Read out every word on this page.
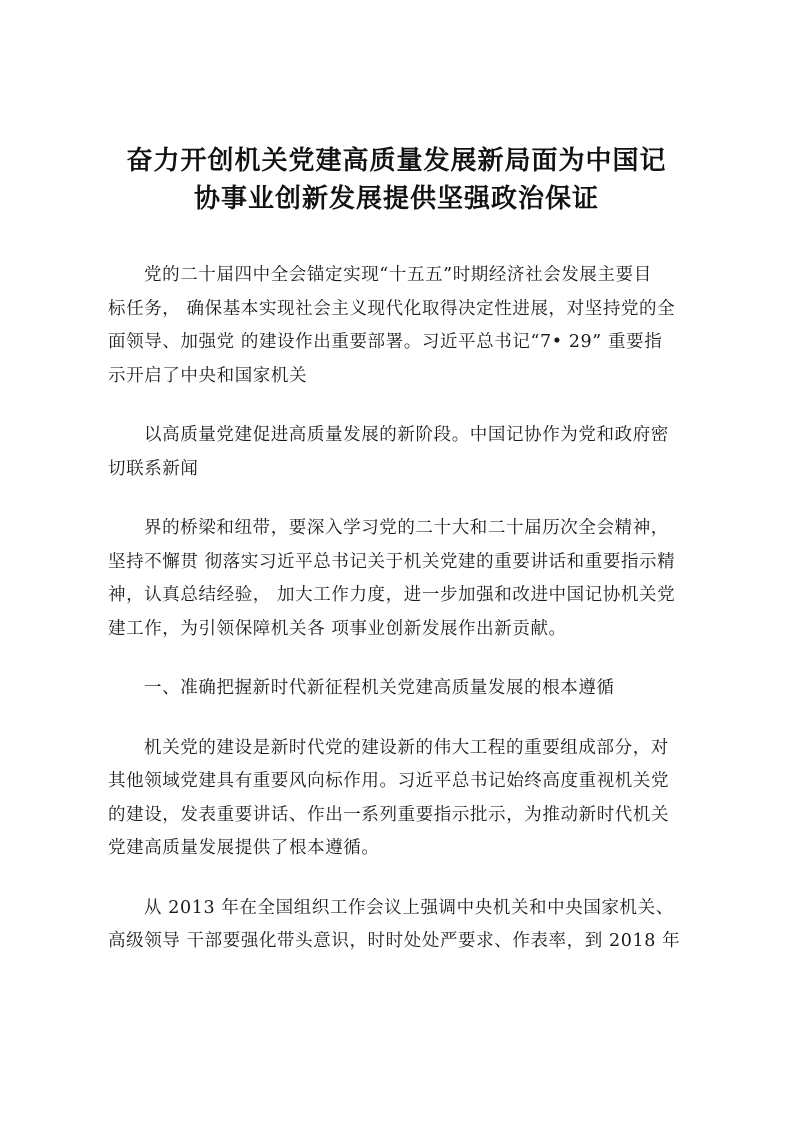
奋力开创机关党建高质量发展新局面为中国记
协事业创新发展提供坚强政治保证

党的二十届四中全会锚定实现“十五五”时期经济社会发展主要目
标任务， 确保基本实现社会主义现代化取得决定性进展，对坚持党的全
面领导、加强党 的建设作出重要部署。习近平总书记“7• 29” 重要指
示开启了中央和国家机关

以高质量党建促进高质量发展的新阶段。中国记协作为党和政府密
切联系新闻

界的桥梁和纽带，要深入学习党的二十大和二十届历次全会精神，
坚持不懈贯 彻落实习近平总书记关于机关党建的重要讲话和重要指示精
神，认真总结经验， 加大工作力度，进一步加强和改进中国记协机关党
建工作，为引领保障机关各 项事业创新发展作出新贡献。

一、准确把握新时代新征程机关党建高质量发展的根本遵循

机关党的建设是新时代党的建设新的伟大工程的重要组成部分，对
其他领域党建具有重要风向标作用。习近平总书记始终高度重视机关党
的建设，发表重要讲话、作出一系列重要指示批示，为推动新时代机关
党建高质量发展提供了根本遵循。

从 2013 年在全国组织工作会议上强调中央机关和中央国家机关、
高级领导 干部要强化带头意识，时时处处严要求、作表率，到 2018 年
